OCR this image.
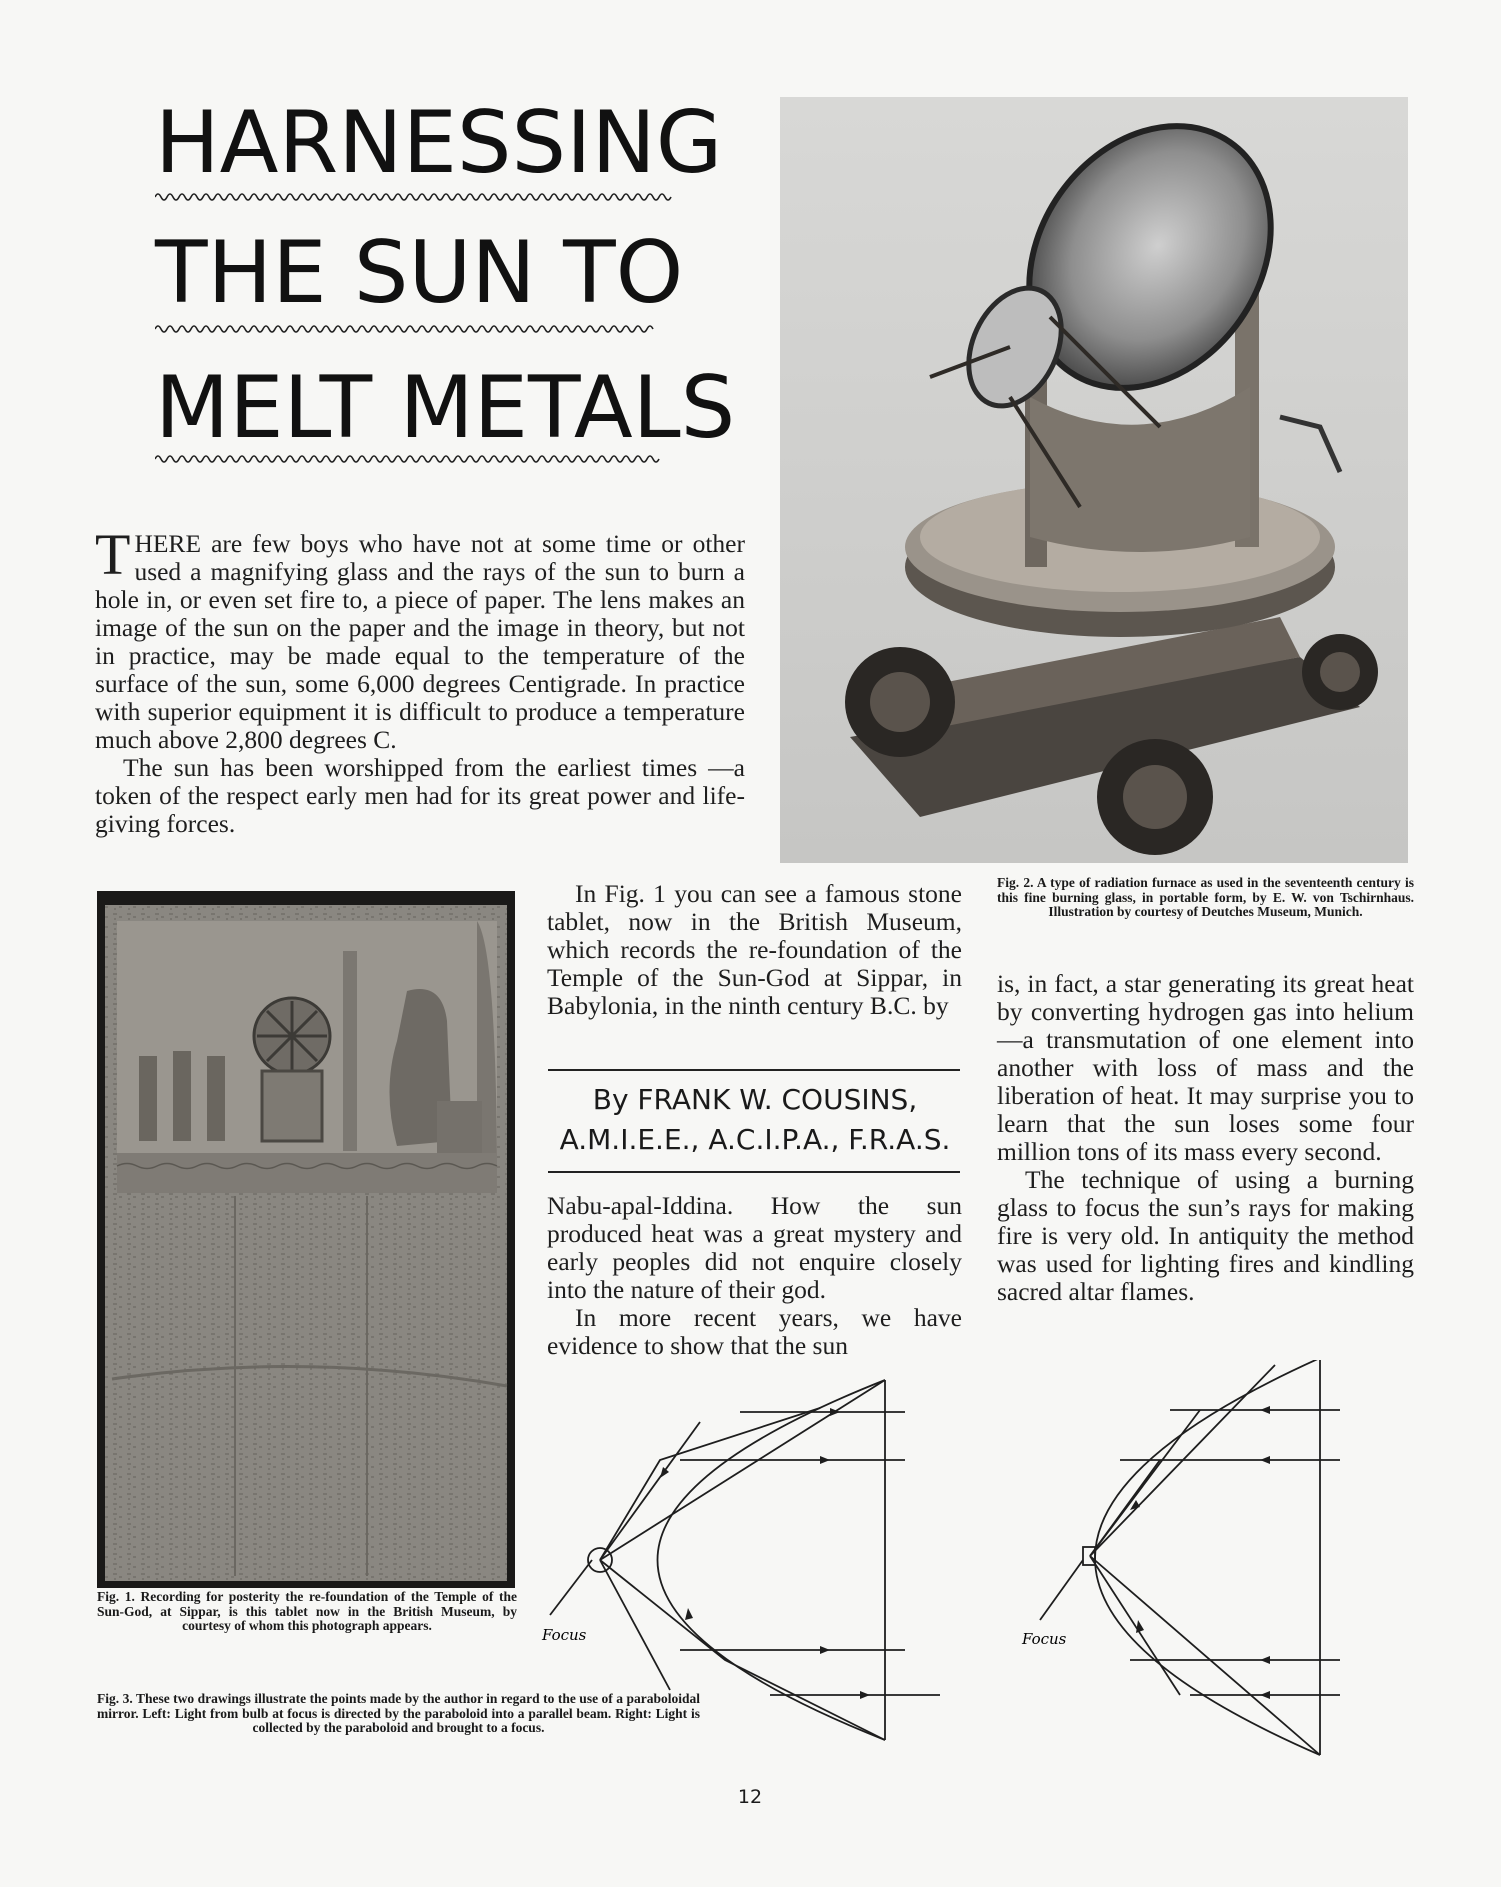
HARNESSING
THE SUN TO
MELT METALS

THERE are few boys who have not at some time or other used a magnifying glass and the rays of the sun to burn a hole in, or even set fire to, a piece of paper. The lens makes an image of the sun on the paper and the image in theory, but not in practice, may be made equal to the temperature of the surface of the sun, some 6,000 degrees Centigrade. In practice with superior equipment it is difficult to produce a temperature much above 2,800 degrees C.

The sun has been worshipped from the earliest times —a token of the respect early men had for its great power and life-giving forces.

Fig. 2. A type of radiation furnace as used in the seventeenth century is this fine burning glass, in portable form, by E. W. von Tschirnhaus. Illustration by courtesy of Deutches Museum, Munich.
Fig. 1. Recording for posterity the re-foundation of the Temple of the Sun-God, at Sippar, is this tablet now in the British Museum, by courtesy of whom this photograph appears.

In Fig. 1 you can see a famous stone tablet, now in the British Museum, which records the re-foundation of the Temple of the Sun-God at Sippar, in Babylonia, in the ninth century B.C. by

By FRANK W. COUSINS,
A.M.I.E.E., A.C.I.P.A., F.R.A.S.

Nabu-apal-Iddina. How the sun produced heat was a great mystery and early peoples did not enquire closely into the nature of their god.

In more recent years, we have evidence to show that the sun

is, in fact, a star generating its great heat by converting hydrogen gas into helium—a transmutation of one element into another with loss of mass and the liberation of heat. It may surprise you to learn that the sun loses some four million tons of its mass every second.

The technique of using a burning glass to focus the sun’s rays for making fire is very old. In antiquity the method was used for lighting fires and kindling sacred altar flames.

Focus	Focus
Fig. 3. These two drawings illustrate the points made by the author in regard to the use of a paraboloidal mirror. Left: Light from bulb at focus is directed by the paraboloid into a parallel beam. Right: Light is collected by the paraboloid and brought to a focus.
12
